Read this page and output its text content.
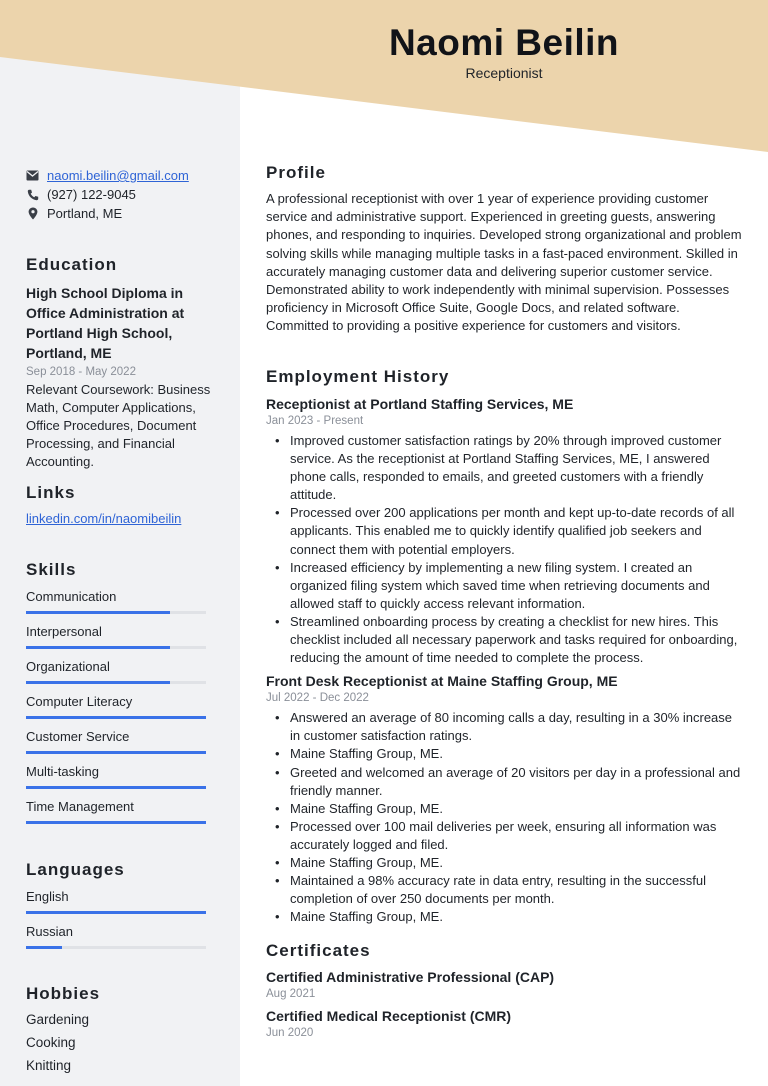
Naomi Beilin
Receptionist
naomi.beilin@gmail.com
(927) 122-9045
Portland, ME
Education
High School Diploma in Office Administration at Portland High School, Portland, ME
Sep 2018 - May 2022
Relevant Coursework: Business Math, Computer Applications, Office Procedures, Document Processing, and Financial Accounting.
Links
linkedin.com/in/naomibeilin
Skills
Communication
Interpersonal
Organizational
Computer Literacy
Customer Service
Multi-tasking
Time Management
Languages
English
Russian
Hobbies
Gardening
Cooking
Knitting
Profile
A professional receptionist with over 1 year of experience providing customer service and administrative support. Experienced in greeting guests, answering phones, and responding to inquiries. Developed strong organizational and problem solving skills while managing multiple tasks in a fast-paced environment. Skilled in accurately managing customer data and delivering superior customer service. Demonstrated ability to work independently with minimal supervision. Possesses proficiency in Microsoft Office Suite, Google Docs, and related software. Committed to providing a positive experience for customers and visitors.
Employment History
Receptionist at Portland Staffing Services, ME
Jan 2023 - Present
• Improved customer satisfaction ratings by 20% through improved customer service. As the receptionist at Portland Staffing Services, ME, I answered phone calls, responded to emails, and greeted customers with a friendly attitude.
• Processed over 200 applications per month and kept up-to-date records of all applicants. This enabled me to quickly identify qualified job seekers and connect them with potential employers.
• Increased efficiency by implementing a new filing system. I created an organized filing system which saved time when retrieving documents and allowed staff to quickly access relevant information.
• Streamlined onboarding process by creating a checklist for new hires. This checklist included all necessary paperwork and tasks required for onboarding, reducing the amount of time needed to complete the process.
Front Desk Receptionist at Maine Staffing Group, ME
Jul 2022 - Dec 2022
• Answered an average of 80 incoming calls a day, resulting in a 30% increase in customer satisfaction ratings.
• Maine Staffing Group, ME.
• Greeted and welcomed an average of 20 visitors per day in a professional and friendly manner.
• Maine Staffing Group, ME.
• Processed over 100 mail deliveries per week, ensuring all information was accurately logged and filed.
• Maine Staffing Group, ME.
• Maintained a 98% accuracy rate in data entry, resulting in the successful completion of over 250 documents per month.
• Maine Staffing Group, ME.
Certificates
Certified Administrative Professional (CAP)
Aug 2021
Certified Medical Receptionist (CMR)
Jun 2020
